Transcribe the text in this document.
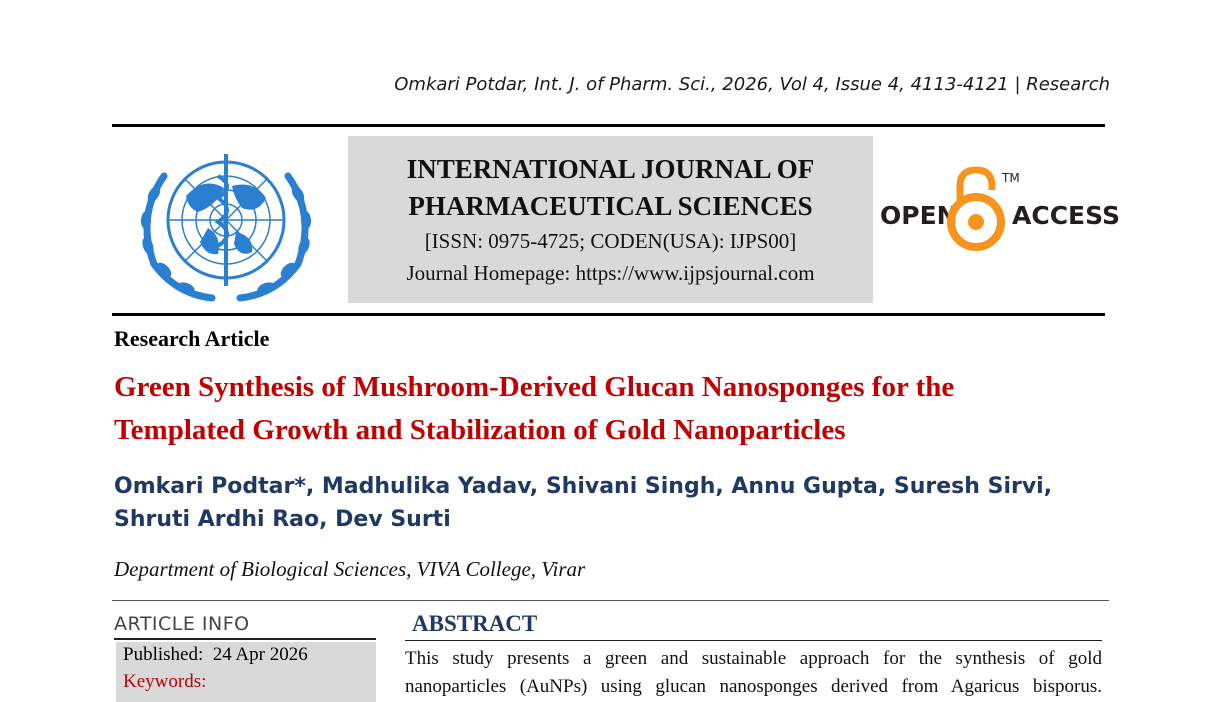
Omkari Potdar, Int. J. of Pharm. Sci., 2026, Vol 4, Issue 4, 4113-4121 | Research
INTERNATIONAL JOURNAL OF
PHARMACEUTICAL SCIENCES
[ISSN: 0975-4725; CODEN(USA): IJPS00]
Journal Homepage: https://www.ijpsjournal.com
OPEN
TM
ACCESS
Research Article
Green Synthesis of Mushroom-Derived Glucan Nanosponges for the
Templated Growth and Stabilization of Gold Nanoparticles
Omkari Podtar*, Madhulika Yadav, Shivani Singh, Annu Gupta, Suresh Sirvi,
Shruti Ardhi Rao, Dev Surti
Department of Biological Sciences, VIVA College, Virar
ARTICLE INFO
Published: 24 Apr 2026
Keywords:
ABSTRACT
This study presents a green and sustainable approach for the synthesis of gold
nanoparticles (AuNPs) using glucan nanosponges derived from Agaricus bisporus.
